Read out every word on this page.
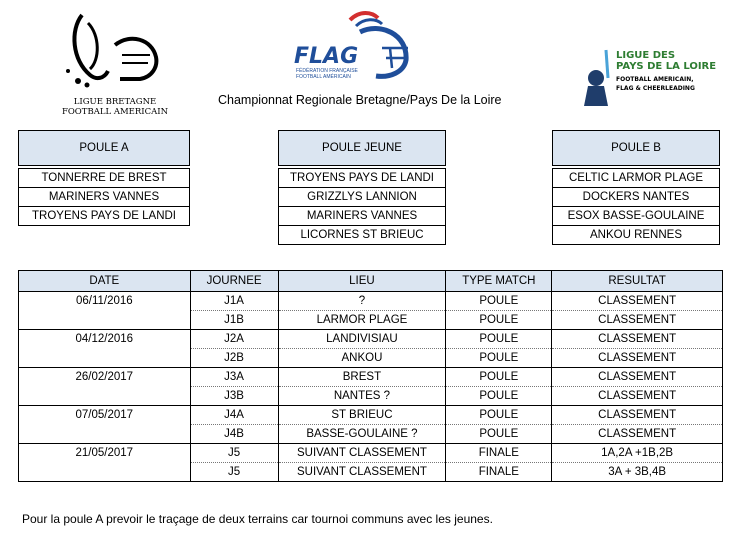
LIGUE BRETAGNE
FOOTBALL AMERICAIN
FLAG
FÉDÉRATION FRANÇAISE
FOOTBALL AMÉRICAIN
LIGUE DES
PAYS DE LA LOIRE
FOOTBALL AMERICAIN,
FLAG & CHEERLEADING
Championnat Regionale Bretagne/Pays De la Loire
POULE A

TONNERRE DE BREST
MARINERS VANNES
TROYENS PAYS DE LANDI
POULE JEUNE

TROYENS PAYS DE LANDI
GRIZZLYS LANNION
MARINERS VANNES
LICORNES ST BRIEUC
POULE B

CELTIC LARMOR PLAGE
DOCKERS NANTES
ESOX BASSE-GOULAINE
ANKOU RENNES
DATE	JOURNEE	LIEU	TYPE MATCH	RESULTAT
06/11/2016	J1A	?	POULE	CLASSEMENT
	J1B	LARMOR PLAGE	POULE	CLASSEMENT
04/12/2016	J2A	LANDIVISIAU	POULE	CLASSEMENT
	J2B	ANKOU	POULE	CLASSEMENT
26/02/2017	J3A	BREST	POULE	CLASSEMENT
	J3B	NANTES ?	POULE	CLASSEMENT
07/05/2017	J4A	ST BRIEUC	POULE	CLASSEMENT
	J4B	BASSE-GOULAINE ?	POULE	CLASSEMENT
21/05/2017	J5	SUIVANT CLASSEMENT	FINALE	1A,2A +1B,2B
	J5	SUIVANT CLASSEMENT	FINALE	3A + 3B,4B
Pour la poule A prevoir le traçage de deux terrains car tournoi communs avec les jeunes.
